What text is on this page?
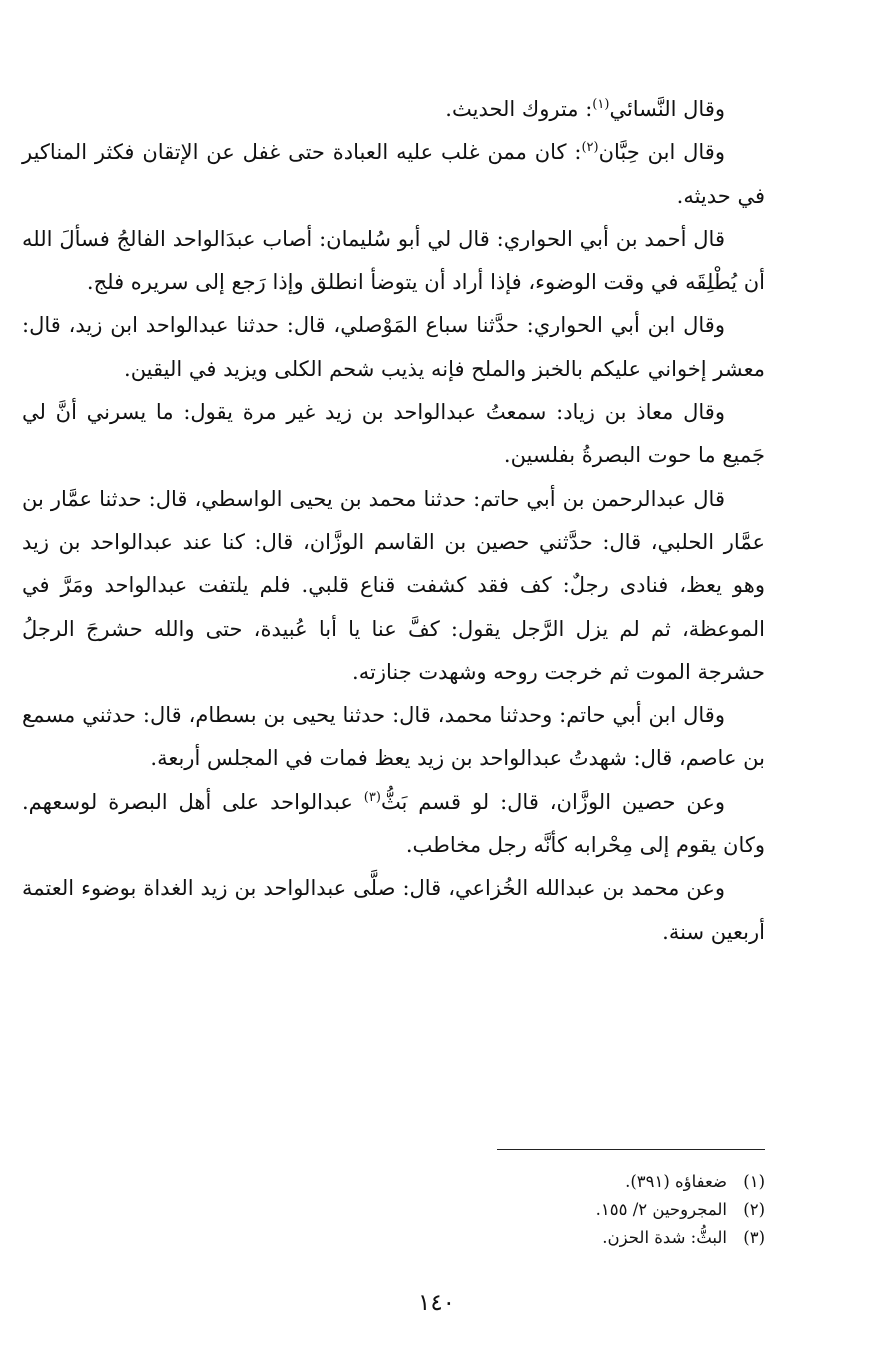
وقال النَّسائي$^{(١)}$: متروك الحديث.

وقال ابن حِبَّان$^{(٢)}$: كان ممن غلب عليه العبادة حتى غفل عن الإتقان فكثر المناكير في حديثه.

قال أحمد بن أبي الحواري: قال لي أبو سُليمان: أصاب عبدَالواحد الفالجُ فسألَ الله أن يُطْلِقَه في وقت الوضوء، فإذا أراد أن يتوضأ انطلق وإذا رَجع إلى سريره فلج.

وقال ابن أبي الحواري: حدَّثنا سباع المَوْصلي، قال: حدثنا عبدالواحد ابن زيد، قال: معشر إخواني عليكم بالخبز والملح فإنه يذيب شحم الكلى ويزيد في اليقين.

وقال معاذ بن زياد: سمعتُ عبدالواحد بن زيد غير مرة يقول: ما يسرني أنَّ لي جَميع ما حوت البصرةُ بفلسين.

قال عبدالرحمن بن أبي حاتم: حدثنا محمد بن يحيى الواسطي، قال: حدثنا عمَّار بن عمَّار الحلبي، قال: حدَّثني حصين بن القاسم الوزَّان، قال: كنا عند عبدالواحد بن زيد وهو يعظ، فنادى رجلٌ: كف فقد كشفت قناع قلبي. فلم يلتفت عبدالواحد ومَرَّ في الموعظة، ثم لم يزل الرَّجل يقول: كفَّ عنا يا أبا عُبيدة، حتى والله حشرجَ الرجلُ حشرجة الموت ثم خرجت روحه وشهدت جنازته.

وقال ابن أبي حاتم: وحدثنا محمد، قال: حدثنا يحيى بن بسطام، قال: حدثني مسمع بن عاصم، قال: شهدتُ عبدالواحد بن زيد يعظ فمات في المجلس أربعة.

وعن حصين الوزَّان، قال: لو قسم بَثُّ$^{(٣)}$ عبدالواحد على أهل البصرة لوسعهم. وكان يقوم إلى مِحْرابه كأنَّه رجل مخاطب.

وعن محمد بن عبدالله الخُزاعي، قال: صلَّى عبدالواحد بن زيد الغداة بوضوء العتمة أربعين سنة.

(١)
ضعفاؤه (٣٩١).
(٢)
المجروحين ٢/ ١٥٥.
(٣)
البثُّ: شدة الحزن.
١٤٠
